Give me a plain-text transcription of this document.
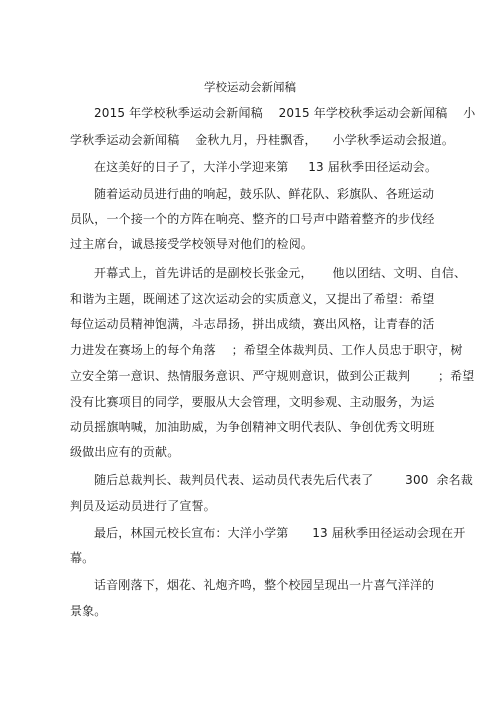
学校运动会新闻稿
2015 年学校秋季运动会新闻稿    2015 年学校秋季运动会新闻稿    小
学秋季运动会新闻稿    金秋九月，丹桂飘香，    小学秋季运动会报道。
在这美好的日子了，大洋小学迎来第     13 届秋季田径运动会。
随着运动员进行曲的响起，鼓乐队、鲜花队、彩旗队、各班运动
员队，一个接一个的方阵在响亮、整齐的口号声中踏着整齐的步伐经
过主席台，诚恳接受学校领导对他们的检阅。
开幕式上，首先讲话的是副校长张金元，     他以团结、文明、自信、
和谐为主题，既阐述了这次运动会的实质意义，又提出了希望：希望
每位运动员精神饱满，斗志昂扬，拼出成绩，赛出风格，让青春的活
力进发在赛场上的每个角落    ；希望全体裁判员、工作人员忠于职守，树
立安全第一意识、热情服务意识、严守规则意识，做到公正裁判       ；希望
没有比赛项目的同学，要服从大会管理，文明参观、主动服务，为运
动员摇旗呐喊，加油助威，为争创精神文明代表队、争创优秀文明班
级做出应有的贡献。
随后总裁判长、裁判员代表、运动员代表先后代表了        300  余名裁
判员及运动员进行了宣誓。
最后，林国元校长宣布：大洋小学第      13 届秋季田径运动会现在开
幕。
话音刚落下，烟花、礼炮齐鸣，整个校园呈现出一片喜气洋洋的
景象。
